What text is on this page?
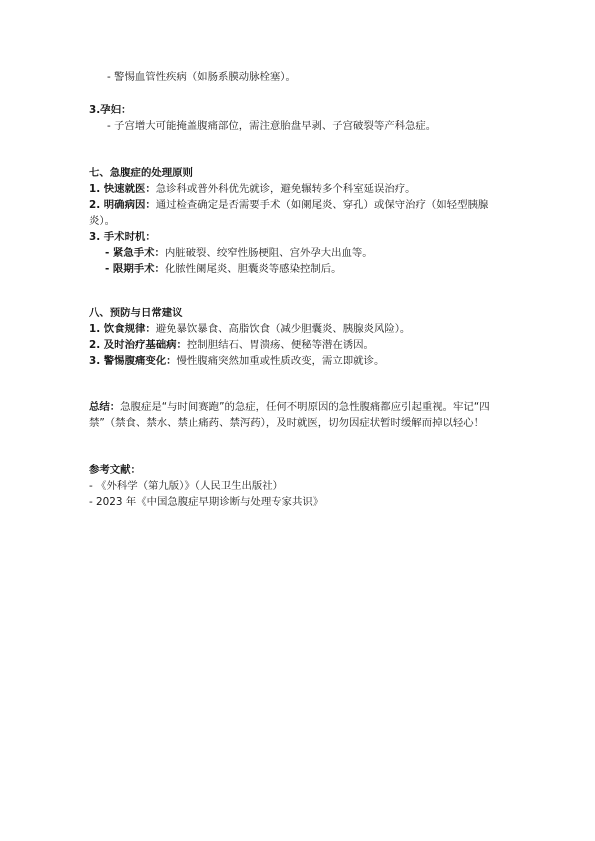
- 警惕血管性疾病（如肠系膜动脉栓塞）。
3.孕妇：
- 子宫增大可能掩盖腹痛部位，需注意胎盘早剥、子宫破裂等产科急症。
七、急腹症的处理原则
1. 快速就医：急诊科或普外科优先就诊，避免辗转多个科室延误治疗。
2. 明确病因：通过检查确定是否需要手术（如阑尾炎、穿孔）或保守治疗（如轻型胰腺炎）。
3. 手术时机：
- 紧急手术：内脏破裂、绞窄性肠梗阻、宫外孕大出血等。
- 限期手术：化脓性阑尾炎、胆囊炎等感染控制后。
八、预防与日常建议
1. 饮食规律：避免暴饮暴食、高脂饮食（减少胆囊炎、胰腺炎风险）。
2. 及时治疗基础病：控制胆结石、胃溃疡、便秘等潜在诱因。
3. 警惕腹痛变化：慢性腹痛突然加重或性质改变，需立即就诊。
总结：急腹症是“与时间赛跑”的急症，任何不明原因的急性腹痛都应引起重视。牢记“四禁”（禁食、禁水、禁止痛药、禁泻药），及时就医，切勿因症状暂时缓解而掉以轻心！
参考文献：
- 《外科学（第九版）》（人民卫生出版社）
- 2023 年《中国急腹症早期诊断与处理专家共识》
